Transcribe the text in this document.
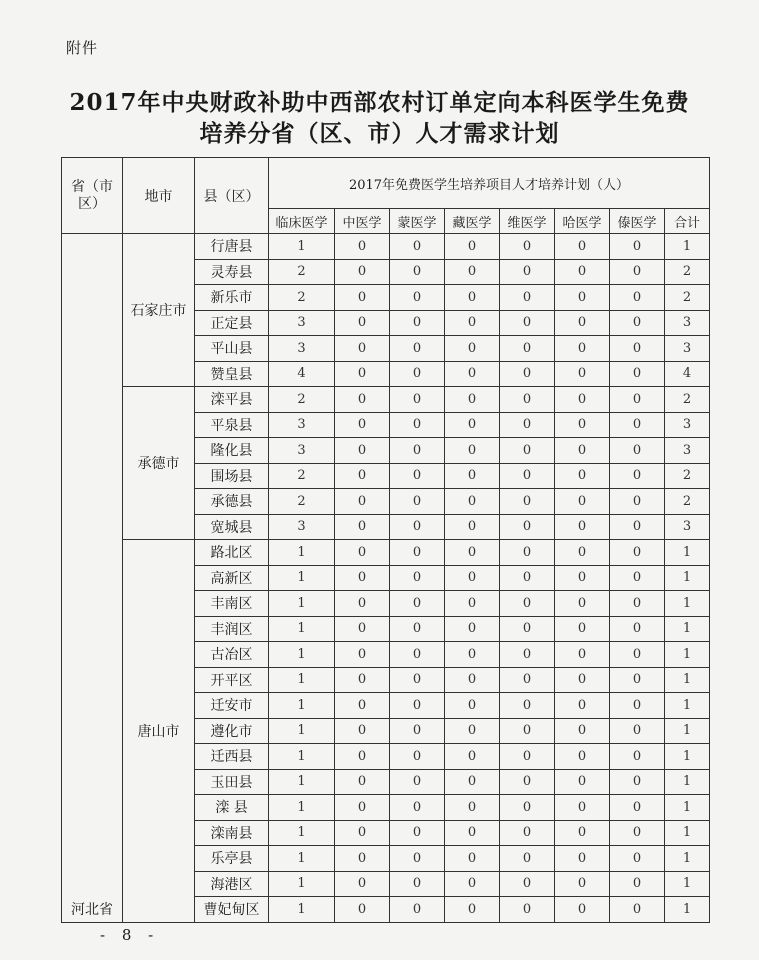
附件
2017年中央财政补助中西部农村订单定向本科医学生免费
培养分省（区、市）人才需求计划
省（市区）	地市	县（区）	2017年免费医学生培养项目人才培养计划（人）							
			临床医学	中医学	蒙医学	藏医学	维医学	哈医学	傣医学	合计

河北省	石家庄市	行唐县	1	0	0	0	0	0	0	1
		灵寿县	2	0	0	0	0	0	0	2
		新乐市	2	0	0	0	0	0	0	2
		正定县	3	0	0	0	0	0	0	3
		平山县	3	0	0	0	0	0	0	3
		赞皇县	4	0	0	0	0	0	0	4
	承德市	滦平县	2	0	0	0	0	0	0	2
		平泉县	3	0	0	0	0	0	0	3
		隆化县	3	0	0	0	0	0	0	3
		围场县	2	0	0	0	0	0	0	2
		承德县	2	0	0	0	0	0	0	2
		宽城县	3	0	0	0	0	0	0	3
	唐山市	路北区	1	0	0	0	0	0	0	1
		高新区	1	0	0	0	0	0	0	1
		丰南区	1	0	0	0	0	0	0	1
		丰润区	1	0	0	0	0	0	0	1
		古冶区	1	0	0	0	0	0	0	1
		开平区	1	0	0	0	0	0	0	1
		迁安市	1	0	0	0	0	0	0	1
		遵化市	1	0	0	0	0	0	0	1
		迁西县	1	0	0	0	0	0	0	1
		玉田县	1	0	0	0	0	0	0	1
		滦 县	1	0	0	0	0	0	0	1
		滦南县	1	0	0	0	0	0	0	1
		乐亭县	1	0	0	0	0	0	0	1
		海港区	1	0	0	0	0	0	0	1
		曹妃甸区	1	0	0	0	0	0	0	1
- 8 -
